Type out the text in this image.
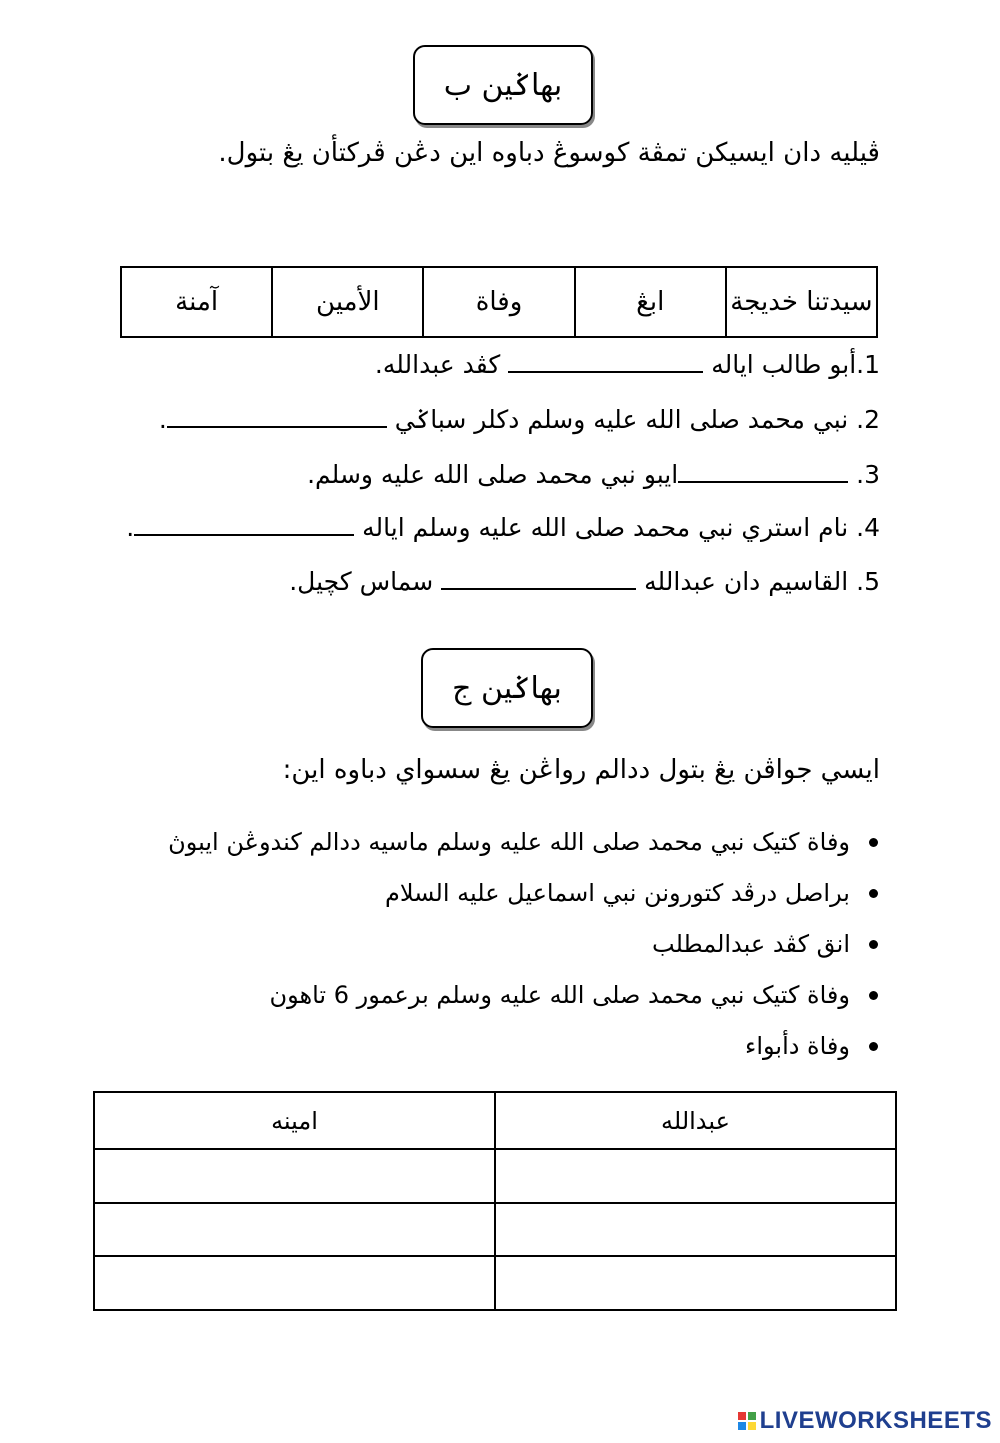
بهاݢين ب
ڤيليه دان ايسيکن تمڤة کوسوڠ دباوه اين دڠن ڤرکتأن يڠ بتول.
سيدتنا خديجة	ابڠ	وفاة	الأمين	آمنة
1.أبو طالب اياله  کڤد عبدالله.
2. نبي محمد صلى الله عليه وسلم دکلر سباݢي .
3. ايبو نبي محمد صلى الله عليه وسلم.
4. نام استري نبي محمد صلى الله عليه وسلم اياله .
5. القاسيم دان عبدالله  سماس کچيل.
بهاݢين ج
ايسي جواڤن يڠ بتول ددالم رواڠن يڠ سسواي دباوه اين:
وفاة کتيک نبي محمد صلى الله عليه وسلم ماسيه ددالم کندوڠن ايبوڽ
براصل درڤد کتورونن نبي اسماعيل عليه السلام
انق کڤد عبدالمطلب
وفاة کتيک نبي محمد صلى الله عليه وسلم برعمور 6 تاهون
وفاة دأبواء
عبدالله	امينه

LIVEWORKSHEETS
